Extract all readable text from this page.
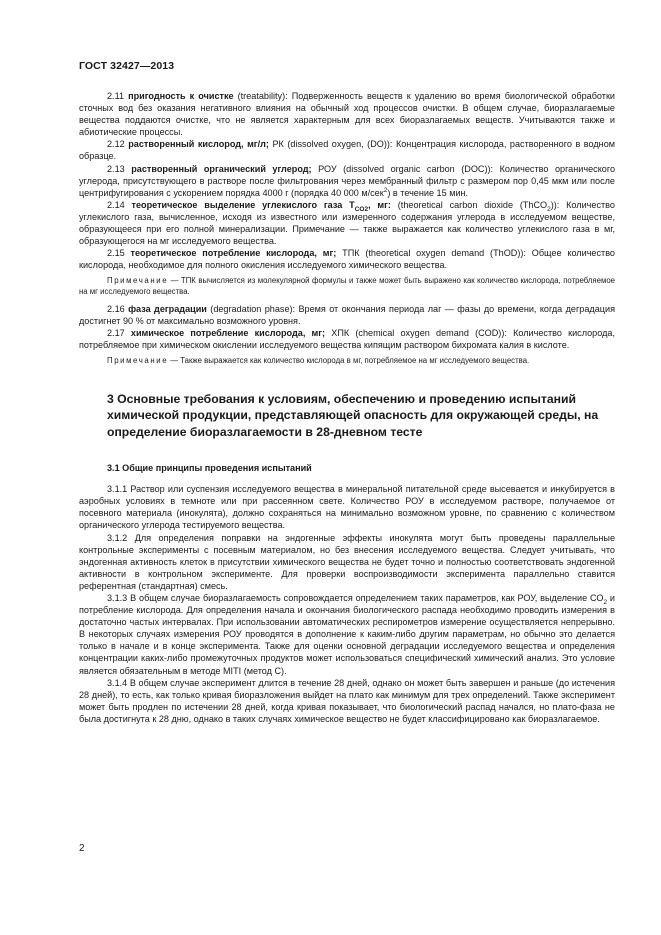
ГОСТ 32427—2013

2.11 пригодность к очистке (treatability): Подверженность веществ к удалению во время биологической обработки сточных вод без оказания негативного влияния на обычный ход процессов очистки. В общем случае, биоразлагаемые вещества поддаются очистке, что не является характерным для всех биоразлагаемых веществ. Учитываются также и абиотические процессы.

2.12 растворенный кислород, мг/л; РК (dissolved oxygen, (DO)): Концентрация кислорода, растворенного в водном образце.

2.13 растворенный органический углерод; РОУ (dissolved organic carbon (DOC)): Количество органического углерода, присутствующего в растворе после фильтрования через мембранный фильтр с размером пор 0,45 мкм или после центрифугирования с ускорением порядка 4000 г (порядка 40 000 м/сек$^2$) в течение 15 мин.

2.14 теоретическое выделение углекислого газа $Т_{CO2}$, мг: (theoretical carbon dioxide (ThCO$_2$)): Количество углекислого газа, вычисленное, исходя из известного или измеренного содержания углерода в исследуемом веществе, образующееся при его полной минерализации. Примечание — также выражается как количество углекислого газа в мг, образующегося на мг исследуемого вещества.

2.15 теоретическое потребление кислорода, мг; ТПК (theoretical oxygen demand (ThOD)): Общее количество кислорода, необходимое для полного окисления исследуемого химического вещества.

Примечание — ТПК вычисляется из молекулярной формулы и также может быть выражено как количество кислорода, потребляемое на мг исследуемого вещества.

2.16 фаза деградации (degradation phase): Время от окончания периода лаг — фазы до времени, когда деградация достигнет 90 % от максимально возможного уровня.

2.17 химическое потребление кислорода, мг; ХПК (chemical oxygen demand (COD)): Количество кислорода, потребляемое при химическом окислении исследуемого вещества кипящим раствором бихромата калия в кислоте.

Примечание — Также выражается как количество кислорода в мг, потребляемое на мг исследуемого вещества.

3 Основные требования к условиям, обеспечению и проведению испытаний химической продукции, представляющей опасность для окружающей среды, на определение биоразлагаемости в 28-дневном тесте

3.1 Общие принципы проведения испытаний

3.1.1 Раствор или суспензия исследуемого вещества в минеральной питательной среде высевается и инкубируется в аэробных условиях в темноте или при рассеянном свете. Количество РОУ в исследуемом растворе, получаемое от посевного материала (инокулята), должно сохраняться на минимально возможном уровне, по сравнению с количеством органического углерода тестируемого вещества.

3.1.2 Для определения поправки на эндогенные эффекты инокулята могут быть проведены параллельные контрольные эксперименты с посевным материалом, но без внесения исследуемого вещества. Следует учитывать, что эндогенная активность клеток в присутствии химического вещества не будет точно и полностью соответствовать эндогенной активности в контрольном эксперименте. Для проверки воспроизводимости эксперимента параллельно ставится референтная (стандартная) смесь.

3.1.3 В общем случае биоразлагаемость сопровождается определением таких параметров, как РОУ, выделение $СО_2$ и потребление кислорода. Для определения начала и окончания биологического распада необходимо проводить измерения в достаточно частых интервалах. При использовании автоматических респирометров измерение осуществляется непрерывно. В некоторых случаях измерения РОУ проводятся в дополнение к каким-либо другим параметрам, но обычно это делается только в начале и в конце эксперимента. Также для оценки основной деградации исследуемого вещества и определения концентрации каких-либо промежуточных продуктов может использоваться специфический химический анализ. Это условие является обязательным в методе MITI (метод С).

3.1.4 В общем случае эксперимент длится в течение 28 дней, однако он может быть завершен и раньше (до истечения 28 дней), то есть, как только кривая биоразложения выйдет на плато как минимум для трех определений. Также эксперимент может быть продлен по истечении 28 дней, когда кривая показывает, что биологический распад начался, но плато-фаза не была достигнута к 28 дню, однако в таких случаях химическое вещество не будет классифицировано как биоразлагаемое.

2
